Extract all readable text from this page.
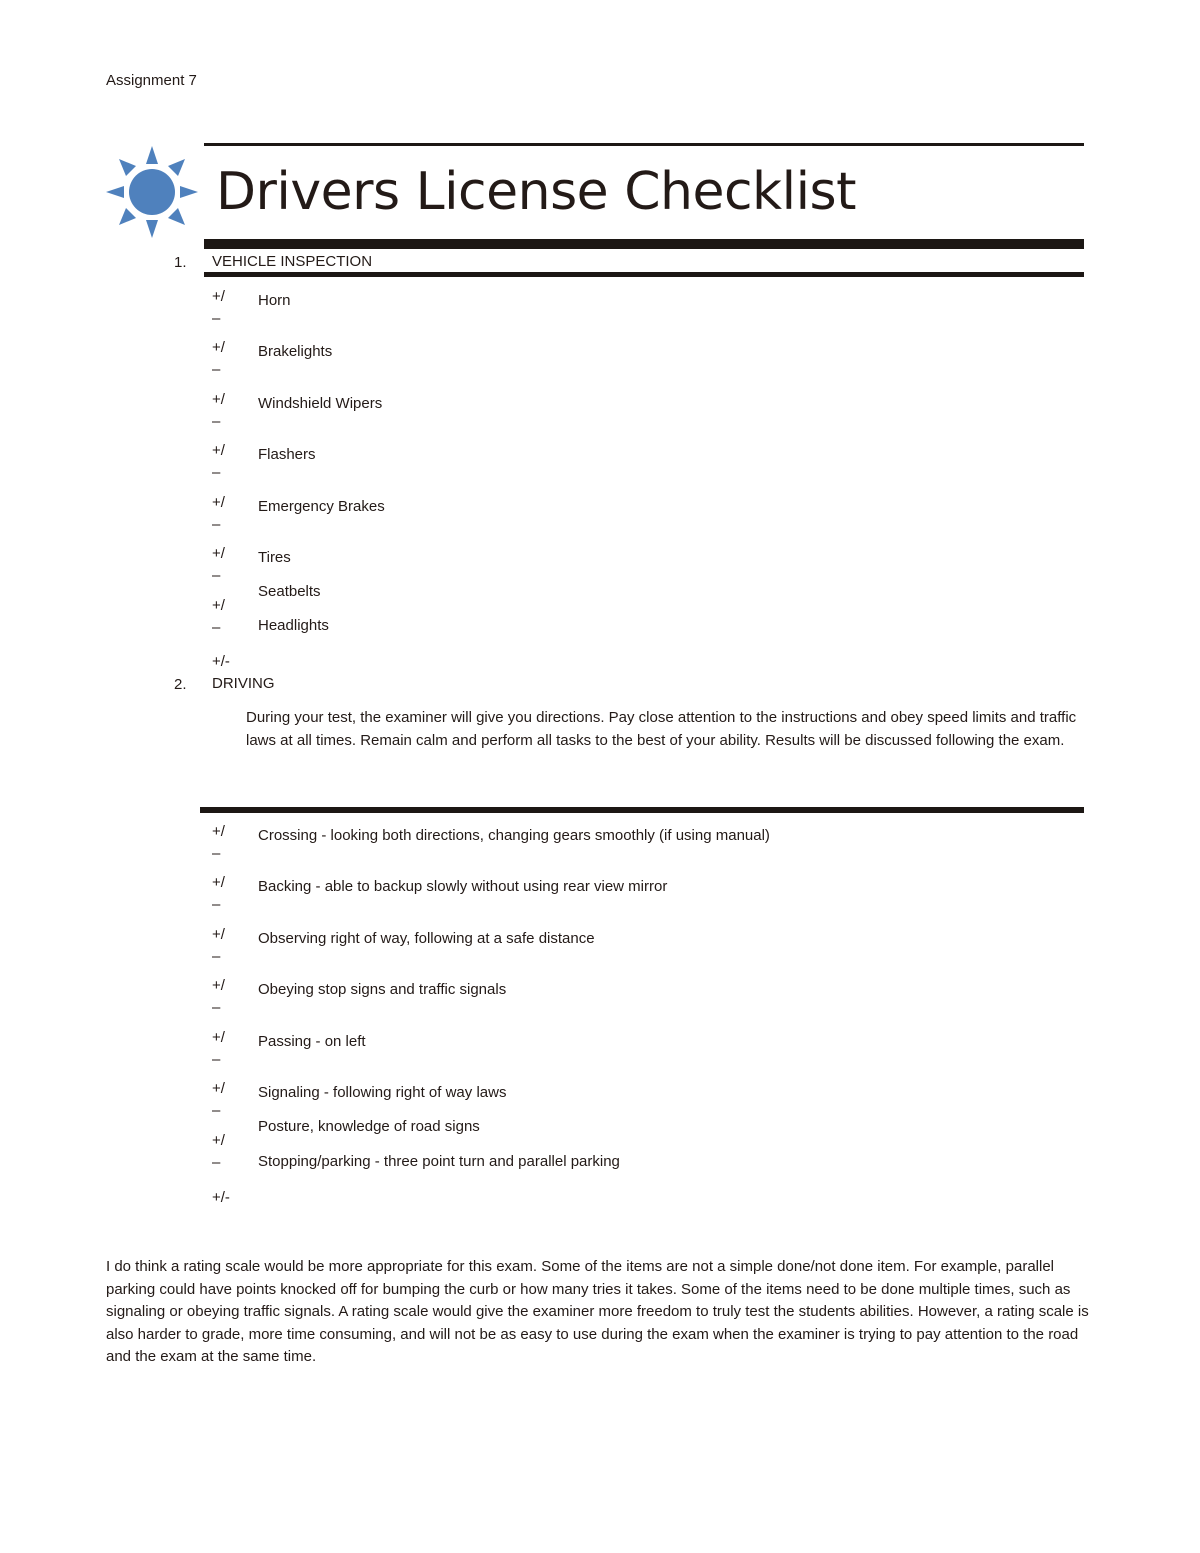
Assignment 7
Drivers License Checklist
1. VEHICLE INSPECTION
Horn
Brakelights
Windshield Wipers
Flashers
Emergency Brakes
Tires
Seatbelts
Headlights
+/
–
+/
–
+/
–
+/
–
+/
–
+/
–
+/
–
+/-
2. DRIVING
During your test, the examiner will give you directions. Pay close attention to the instructions and obey speed limits and traffic laws at all times. Remain calm and perform all tasks to the best of your ability. Results will be discussed following the exam.
Crossing - looking both directions, changing gears smoothly (if using manual)
Backing - able to backup slowly without using rear view mirror
Observing right of way, following at a safe distance
Obeying stop signs and traffic signals
Passing - on left
Signaling - following right of way laws
Posture, knowledge of road signs
Stopping/parking - three point turn and parallel parking
+/
–
+/
–
+/
–
+/
–
+/
–
+/
–
+/
–
+/-
I do think a rating scale would be more appropriate for this exam. Some of the items are not a simple done/not done item. For example, parallel parking could have points knocked off for bumping the curb or how many tries it takes. Some of the items need to be done multiple times, such as signaling or obeying traffic signals. A rating scale would give the examiner more freedom to truly test the students abilities. However, a rating scale is also harder to grade, more time consuming, and will not be as easy to use during the exam when the examiner is trying to pay attention to the road and the exam at the same time.
